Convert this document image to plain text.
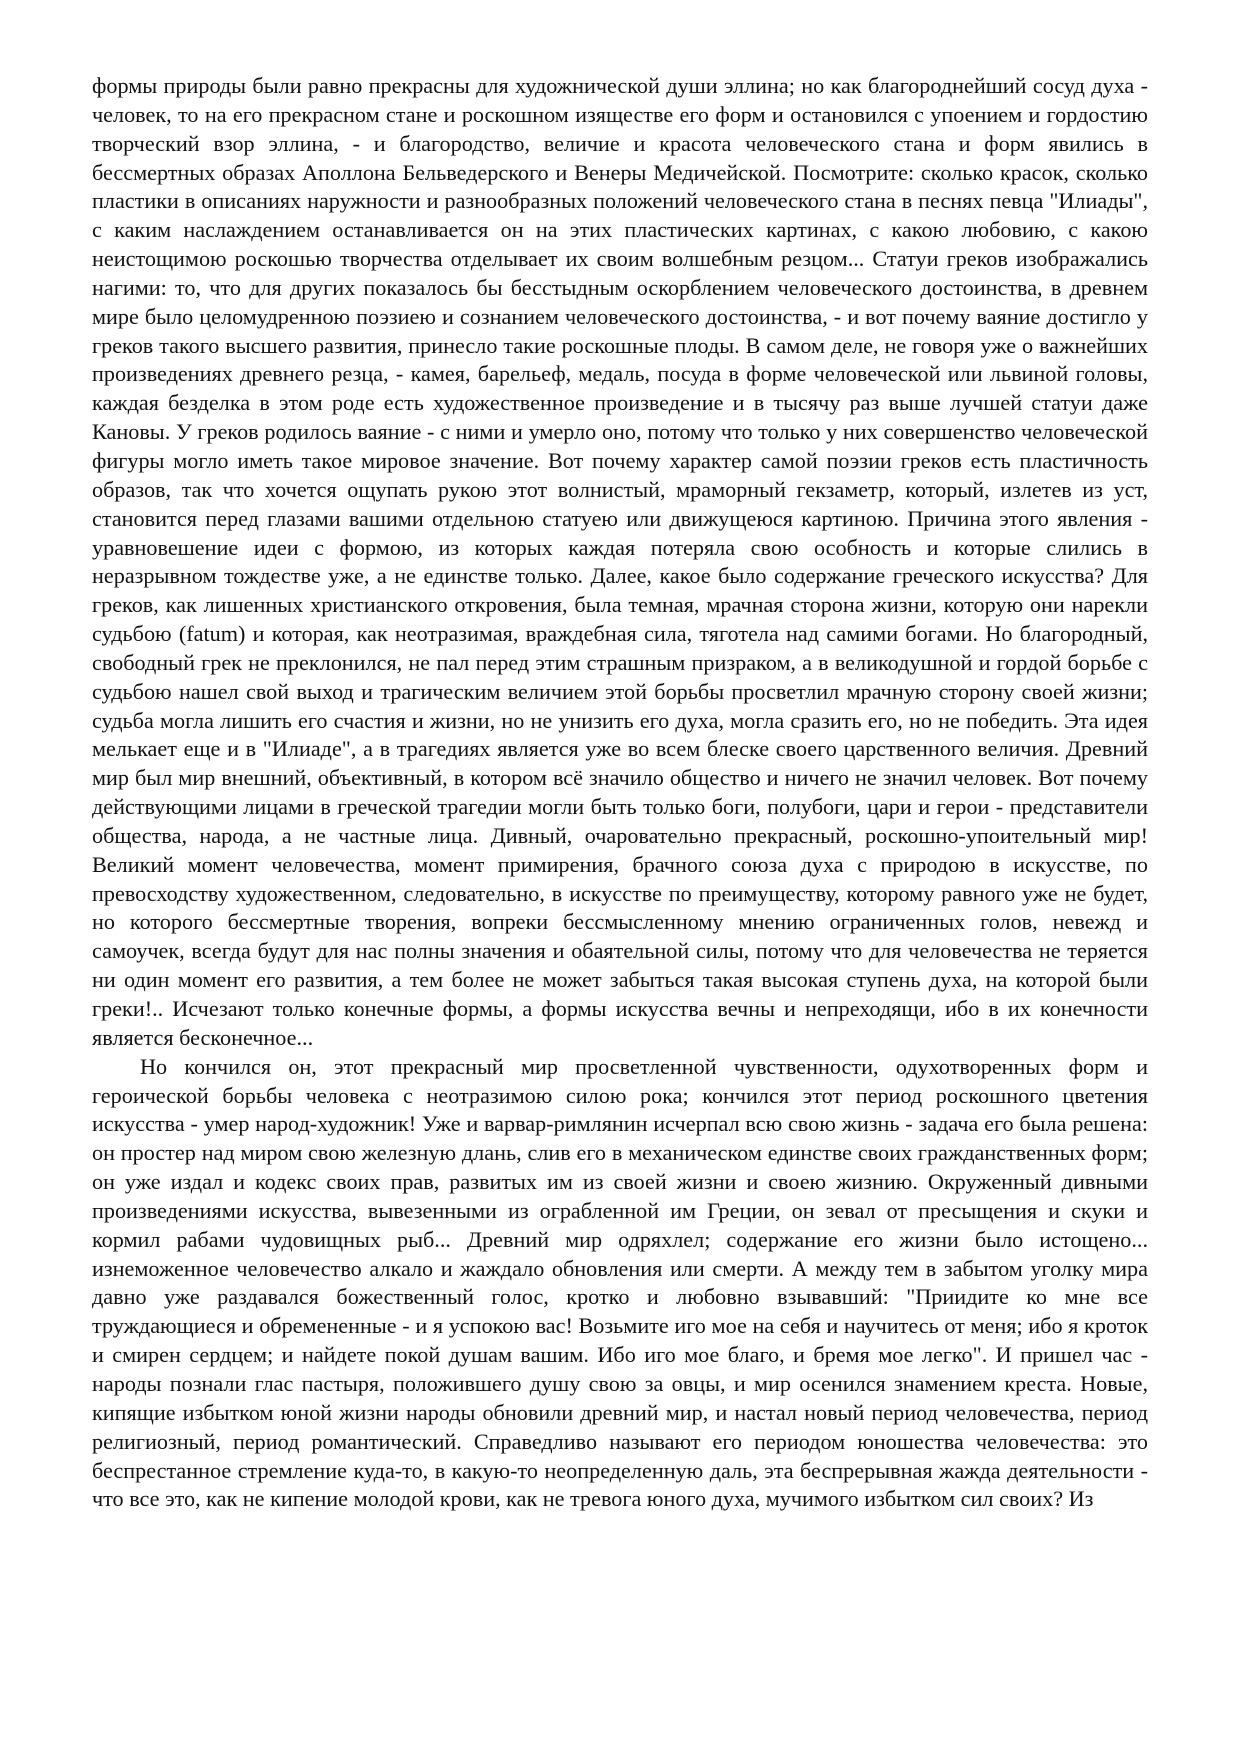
формы природы были равно прекрасны для художнической души эллина; но как благороднейший сосуд духа - человек, то на его прекрасном стане и роскошном изяществе его форм и остановился с упоением и гордостию творческий взор эллина, - и благородство, величие и красота человеческого стана и форм явились в бессмертных образах Аполлона Бельведерского и Венеры Медичейской. Посмотрите: сколько красок, сколько пластики в описаниях наружности и разнообразных положений человеческого стана в песнях певца "Илиады", с каким наслаждением останавливается он на этих пластических картинах, с какою любовию, с какою неистощимою роскошью творчества отделывает их своим волшебным резцом... Статуи греков изображались нагими: то, что для других показалось бы бесстыдным оскорблением человеческого достоинства, в древнем мире было целомудренною поэзиею и сознанием человеческого достоинства, - и вот почему ваяние достигло у греков такого высшего развития, принесло такие роскошные плоды. В самом деле, не говоря уже о важнейших произведениях древнего резца, - камея, барельеф, медаль, посуда в форме человеческой или львиной головы, каждая безделка в этом роде есть художественное произведение и в тысячу раз выше лучшей статуи даже Кановы. У греков родилось ваяние - с ними и умерло оно, потому что только у них совершенство человеческой фигуры могло иметь такое мировое значение. Вот почему характер самой поэзии греков есть пластичность образов, так что хочется ощупать рукою этот волнистый, мраморный гекзаметр, который, излетев из уст, становится перед глазами вашими отдельною статуею или движущеюся картиною. Причина этого явления - уравновешение идеи с формою, из которых каждая потеряла свою особность и которые слились в неразрывном тождестве уже, а не единстве только. Далее, какое было содержание греческого искусства? Для греков, как лишенных христианского откровения, была темная, мрачная сторона жизни, которую они нарекли судьбою (fatum) и которая, как неотразимая, враждебная сила, тяготела над самими богами. Но благородный, свободный грек не преклонился, не пал перед этим страшным призраком, а в великодушной и гордой борьбе с судьбою нашел свой выход и трагическим величием этой борьбы просветлил мрачную сторону своей жизни; судьба могла лишить его счастия и жизни, но не унизить его духа, могла сразить его, но не победить. Эта идея мелькает еще и в "Илиаде", а в трагедиях является уже во всем блеске своего царственного величия. Древний мир был мир внешний, объективный, в котором всё значило общество и ничего не значил человек. Вот почему действующими лицами в греческой трагедии могли быть только боги, полубоги, цари и герои - представители общества, народа, а не частные лица. Дивный, очаровательно прекрасный, роскошно-упоительный мир! Великий момент человечества, момент примирения, брачного союза духа с природою в искусстве, по превосходству художественном, следовательно, в искусстве по преимуществу, которому равного уже не будет, но которого бессмертные творения, вопреки бессмысленному мнению ограниченных голов, невежд и самоучек, всегда будут для нас полны значения и обаятельной силы, потому что для человечества не теряется ни один момент его развития, а тем более не может забыться такая высокая ступень духа, на которой были греки!.. Исчезают только конечные формы, а формы искусства вечны и непреходящи, ибо в их конечности является бесконечное...

Но кончился он, этот прекрасный мир просветленной чувственности, одухотворенных форм и героической борьбы человека с неотразимою силою рока; кончился этот период роскошного цветения искусства - умер народ-художник! Уже и варвар-римлянин исчерпал всю свою жизнь - задача его была решена: он простер над миром свою железную длань, слив его в механическом единстве своих гражданственных форм; он уже издал и кодекс своих прав, развитых им из своей жизни и своею жизнию. Окруженный дивными произведениями искусства, вывезенными из ограбленной им Греции, он зевал от пресыщения и скуки и кормил рабами чудовищных рыб... Древний мир одряхлел; содержание его жизни было истощено... изнеможенное человечество алкало и жаждало обновления или смерти. А между тем в забытом уголку мира давно уже раздавался божественный голос, кротко и любовно взывавший: "Приидите ко мне все труждающиеся и обремененные - и я успокою вас! Возьмите иго мое на себя и научитесь от меня; ибо я кроток и смирен сердцем; и найдете покой душам вашим. Ибо иго мое благо, и бремя мое легко". И пришел час - народы познали глас пастыря, положившего душу свою за овцы, и мир осенился знамением креста. Новые, кипящие избытком юной жизни народы обновили древний мир, и настал новый период человечества, период религиозный, период романтический. Справедливо называют его периодом юношества человечества: это беспрестанное стремление куда-то, в какую-то неопределенную даль, эта беспрерывная жажда деятельности - что все это, как не кипение молодой крови, как не тревога юного духа, мучимого избытком сил своих? Из
